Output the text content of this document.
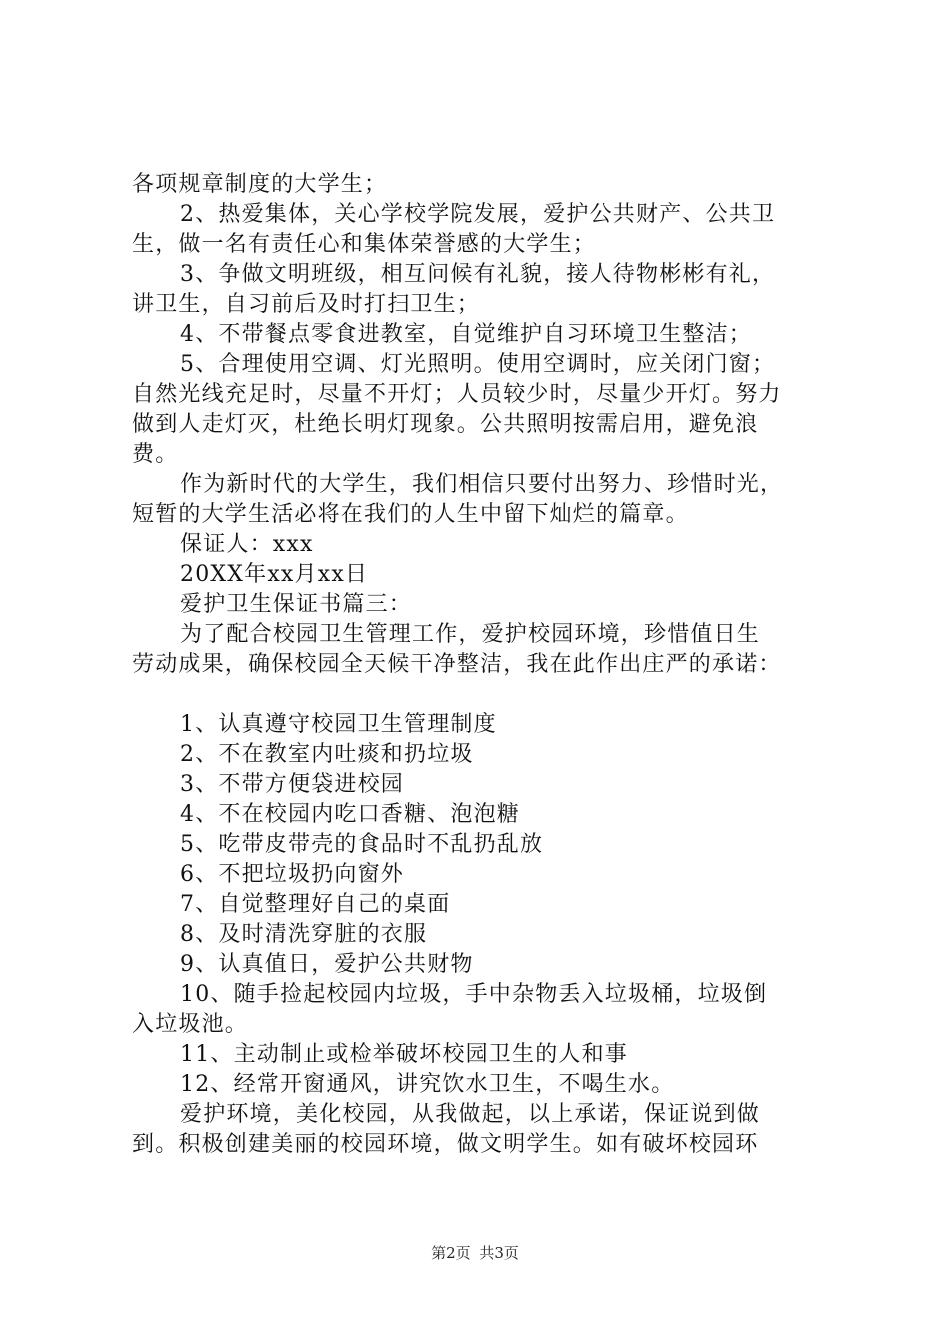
各项规章制度的大学生；
2、热爱集体，关心学校学院发展，爱护公共财产、公共卫
生，做一名有责任心和集体荣誉感的大学生；
3、争做文明班级，相互问候有礼貌，接人待物彬彬有礼，
讲卫生，自习前后及时打扫卫生；
4、不带餐点零食进教室，自觉维护自习环境卫生整洁；
5、合理使用空调、灯光照明。使用空调时，应关闭门窗；
自然光线充足时，尽量不开灯；人员较少时，尽量少开灯。努力
做到人走灯灭，杜绝长明灯现象。公共照明按需启用，避免浪
费。
作为新时代的大学生，我们相信只要付出努力、珍惜时光，
短暂的大学生活必将在我们的人生中留下灿烂的篇章。
保证人：xxx
20XX年xx月xx日
爱护卫生保证书篇三：
为了配合校园卫生管理工作，爱护校园环境，珍惜值日生
劳动成果，确保校园全天候干净整洁，我在此作出庄严的承诺：
1、认真遵守校园卫生管理制度
2、不在教室内吐痰和扔垃圾
3、不带方便袋进校园
4、不在校园内吃口香糖、泡泡糖
5、吃带皮带壳的食品时不乱扔乱放
6、不把垃圾扔向窗外
7、自觉整理好自己的桌面
8、及时清洗穿脏的衣服
9、认真值日，爱护公共财物
10、随手捡起校园内垃圾，手中杂物丢入垃圾桶，垃圾倒
入垃圾池。
11、主动制止或检举破坏校园卫生的人和事
12、经常开窗通风，讲究饮水卫生，不喝生水。
爱护环境，美化校园，从我做起，以上承诺，保证说到做
到。积极创建美丽的校园环境，做文明学生。如有破坏校园环
第2页 共3页
